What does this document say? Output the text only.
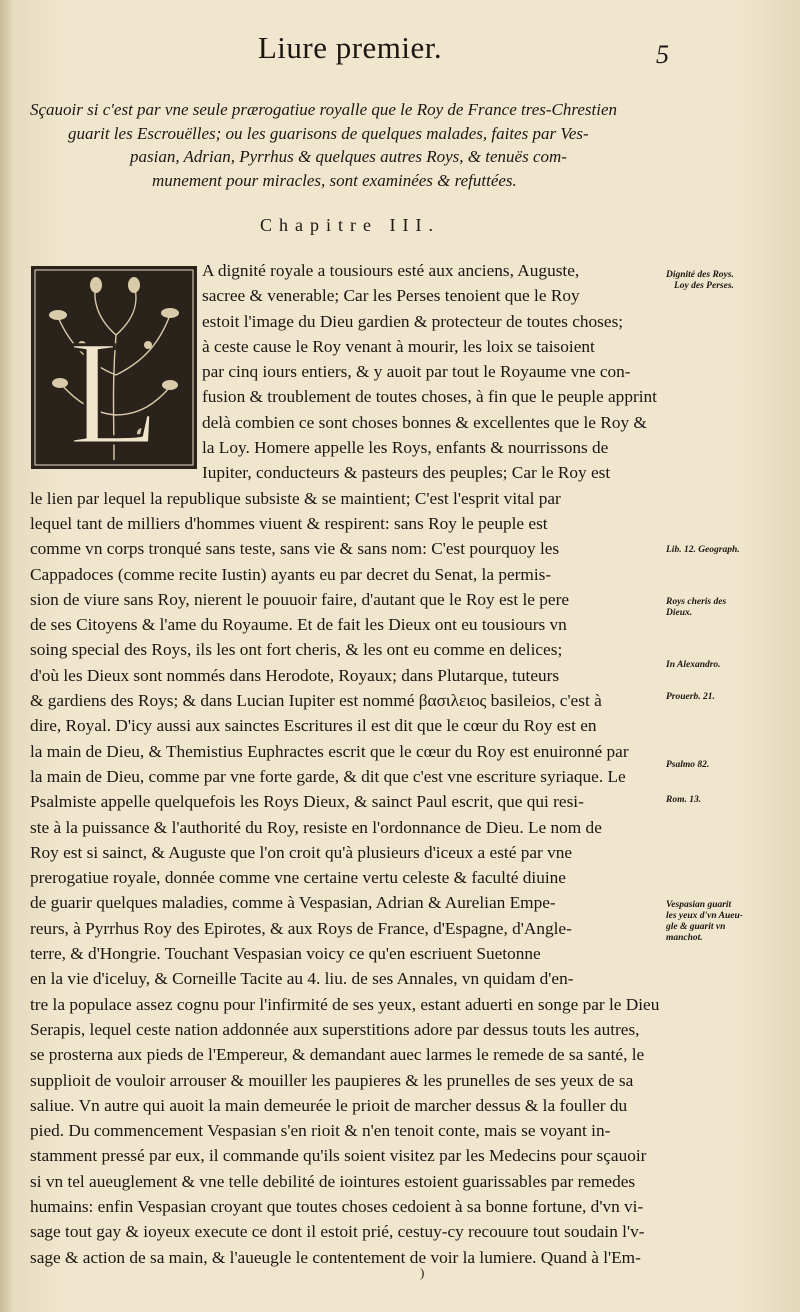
Liure premier.	5
Sçauoir si c'est par vne seule prærogatiue royalle que le Roy de France tres-Chrestien
guarit les Escrouëlles; ou les guarisons de quelques malades, faites par Ves-
pasian, Adrian, Pyrrhus & quelques autres Roys, & tenuës com-
munement pour miracles, sont examinées & refuttées.
Chapitre III.
L
A dignité royale a tousiours esté aux anciens, Auguste,
sacree & venerable; Car les Perses tenoient que le Roy
estoit l'image du Dieu gardien & protecteur de toutes choses;
à ceste cause le Roy venant à mourir, les loix se taisoient
par cinq iours entiers, & y auoit par tout le Royaume vne con-
fusion & troublement de toutes choses, à fin que le peuple apprint
delà combien ce sont choses bonnes & excellentes que le Roy &
la Loy. Homere appelle les Roys, enfants & nourrissons de
Iupiter, conducteurs & pasteurs des peuples; Car le Roy est
le lien par lequel la republique subsiste & se maintient; C'est l'esprit vital par
lequel tant de milliers d'hommes viuent & respirent: sans Roy le peuple est
comme vn corps tronqué sans teste, sans vie & sans nom: C'est pourquoy les
Cappadoces (comme recite Iustin) ayants eu par decret du Senat, la permis-
sion de viure sans Roy, nierent le pouuoir faire, d'autant que le Roy est le pere
de ses Citoyens & l'ame du Royaume. Et de fait les Dieux ont eu tousiours vn
soing special des Roys, ils les ont fort cheris, & les ont eu comme en delices;
d'où les Dieux sont nommés dans Herodote, Royaux; dans Plutarque, tuteurs
& gardiens des Roys; & dans Lucian Iupiter est nommé βασιλειος basileios, c'est à
dire, Royal. D'icy aussi aux sainctes Escritures il est dit que le cœur du Roy est en
la main de Dieu, & Themistius Euphractes escrit que le cœur du Roy est enuironné par
la main de Dieu, comme par vne forte garde, & dit que c'est vne escriture syriaque. Le
Psalmiste appelle quelquefois les Roys Dieux, & sainct Paul escrit, que qui resi-
ste à la puissance & l'authorité du Roy, resiste en l'ordonnance de Dieu. Le nom de
Roy est si sainct, & Auguste que l'on croit qu'à plusieurs d'iceux a esté par vne
prerogatiue royale, donnée comme vne certaine vertu celeste & faculté diuine
de guarir quelques maladies, comme à Vespasian, Adrian & Aurelian Empe-
reurs, à Pyrrhus Roy des Epirotes, & aux Roys de France, d'Espagne, d'Angle-
terre, & d'Hongrie. Touchant Vespasian voicy ce qu'en escriuent Suetonne
en la vie d'iceluy, & Corneille Tacite au 4. liu. de ses Annales, vn quidam d'en-
tre la populace assez cognu pour l'infirmité de ses yeux, estant aduerti en songe par le Dieu
Serapis, lequel ceste nation addonnée aux superstitions adore par dessus touts les autres,
se prosterna aux pieds de l'Empereur, & demandant auec larmes le remede de sa santé, le
supplioit de vouloir arrouser & mouiller les paupieres & les prunelles de ses yeux de sa
saliue. Vn autre qui auoit la main demeurée le prioit de marcher dessus & la fouller du
pied. Du commencement Vespasian s'en rioit & n'en tenoit conte, mais se voyant in-
stamment pressé par eux, il commande qu'ils soient visitez par les Medecins pour sçauoir
si vn tel aueuglement & vne telle debilité de iointures estoient guarissables par remedes
humains: enfin Vespasian croyant que toutes choses cedoient à sa bonne fortune, d'vn vi-
sage tout gay & ioyeux execute ce dont il estoit prié, cestuy-cy recouure tout soudain l'v-
sage & action de sa main, & l'aueugle le contentement de voir la lumiere. Quand à l'Em-
Dignité des Roys.
Loy des Perses.
Lib. 12. Geograph.
Roys cheris des
Dieux.
In Alexandro.
Prouerb. 21.
Psalmo 82.
Rom. 13.
Vespasian guarit
les yeux d'vn Aueu-
gle & guarit vn
manchot.
)
